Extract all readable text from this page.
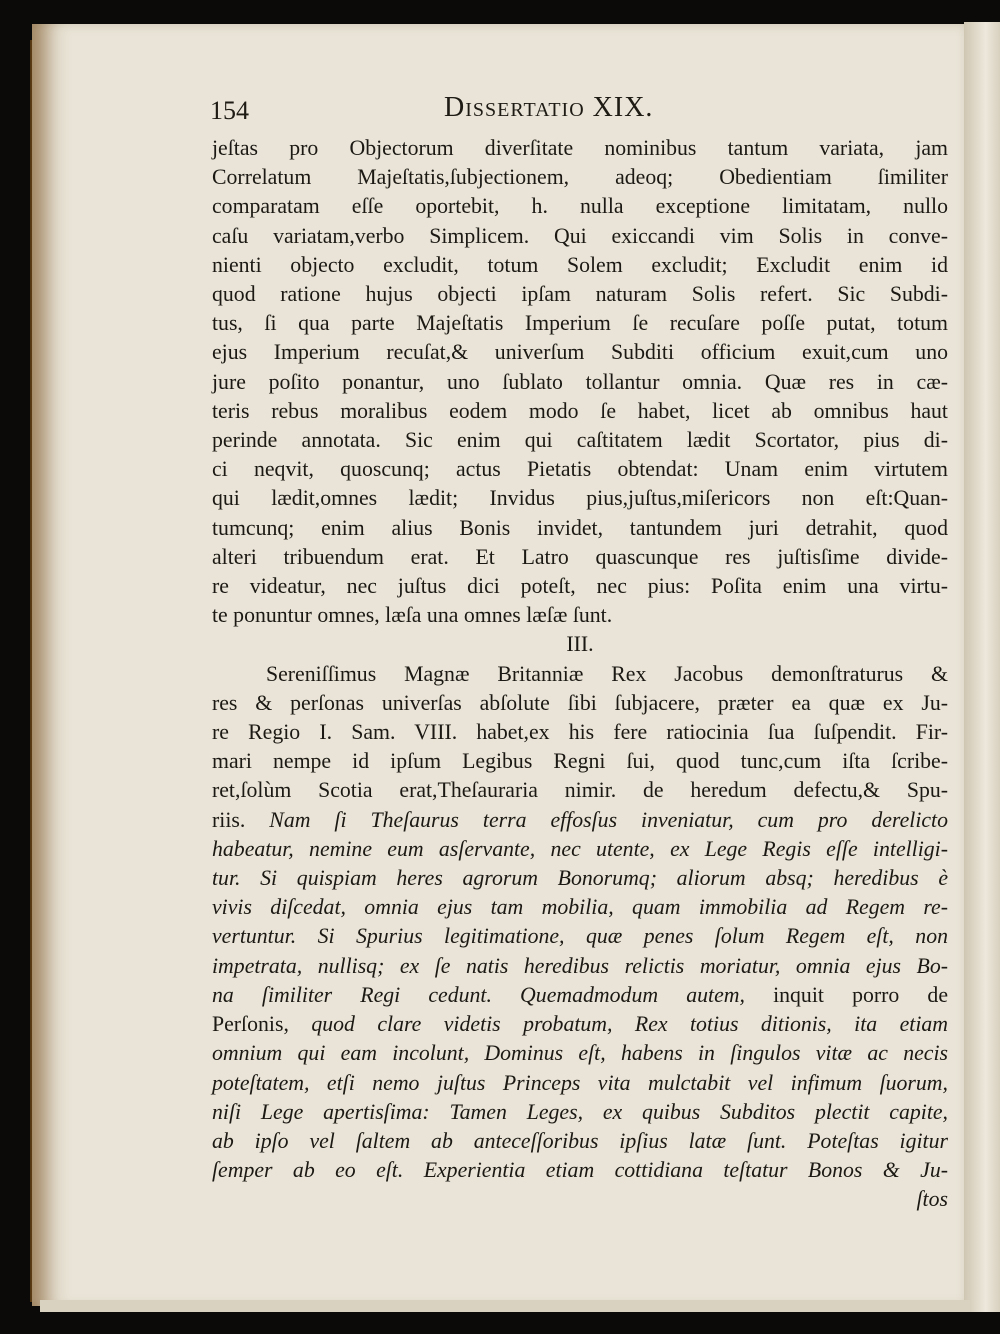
154	Dissertatio XIX.
jeſtas pro Objectorum diverſitate nominibus tantum variata, jam
Correlatum Majeſtatis,ſubjectionem, adeoq; Obedientiam ſimiliter
comparatam eſſe oportebit, h. nulla exceptione limitatam, nullo
caſu variatam,verbo Simplicem. Qui exiccandi vim Solis in conve-
nienti objecto excludit, totum Solem excludit; Excludit enim id
quod ratione hujus objecti ipſam naturam Solis refert. Sic Subdi-
tus, ſi qua parte Majeſtatis Imperium ſe recuſare poſſe putat, totum
ejus Imperium recuſat,& univerſum Subditi officium exuit,cum uno
jure poſito ponantur, uno ſublato tollantur omnia. Quæ res in cæ-
teris rebus moralibus eodem modo ſe habet, licet ab omnibus haut
perinde annotata. Sic enim qui caſtitatem lædit Scortator, pius di-
ci neqvit, quoscunq; actus Pietatis obtendat: Unam enim virtutem
qui lædit,omnes lædit; Invidus pius,juſtus,miſericors non eſt:Quan-
tumcunq; enim alius Bonis invidet, tantundem juri detrahit, quod
alteri tribuendum erat. Et Latro quascunque res juſtisſime divide-
re videatur, nec juſtus dici poteſt, nec pius: Poſita enim una virtu-
te ponuntur omnes, læſa una omnes læſæ ſunt.
III.
Sereniſſimus Magnæ Britanniæ Rex Jacobus demonſtraturus &
res & perſonas univerſas abſolute ſibi ſubjacere, præter ea quæ ex Ju-
re Regio I. Sam. VIII. habet,ex his fere ratiocinia ſua ſuſpendit. Fir-
mari nempe id ipſum Legibus Regni ſui, quod tunc,cum iſta ſcribe-
ret,ſolùm Scotia erat,Theſauraria nimir. de heredum defectu,& Spu-
riis. Nam ſi Theſaurus terra effosſus inveniatur, cum pro derelicto
habeatur, nemine eum asſervante, nec utente, ex Lege Regis eſſe intelligi-
tur. Si quispiam heres agrorum Bonorumq; aliorum absq; heredibus è
vivis diſcedat, omnia ejus tam mobilia, quam immobilia ad Regem re-
vertuntur. Si Spurius legitimatione, quæ penes ſolum Regem eſt, non
impetrata, nullisq; ex ſe natis heredibus relictis moriatur, omnia ejus Bo-
na ſimiliter Regi cedunt. Quemadmodum autem, inquit porro de
Perſonis, quod clare videtis probatum, Rex totius ditionis, ita etiam
omnium qui eam incolunt, Dominus eſt, habens in ſingulos vitæ ac necis
poteſtatem, etſi nemo juſtus Princeps vita mulctabit vel infimum ſuorum,
niſi Lege apertisſima: Tamen Leges, ex quibus Subditos plectit capite,
ab ipſo vel ſaltem ab anteceſſoribus ipſius latæ ſunt. Poteſtas igitur
ſemper ab eo eſt. Experientia etiam cottidiana teſtatur Bonos & Ju-
ſtos
